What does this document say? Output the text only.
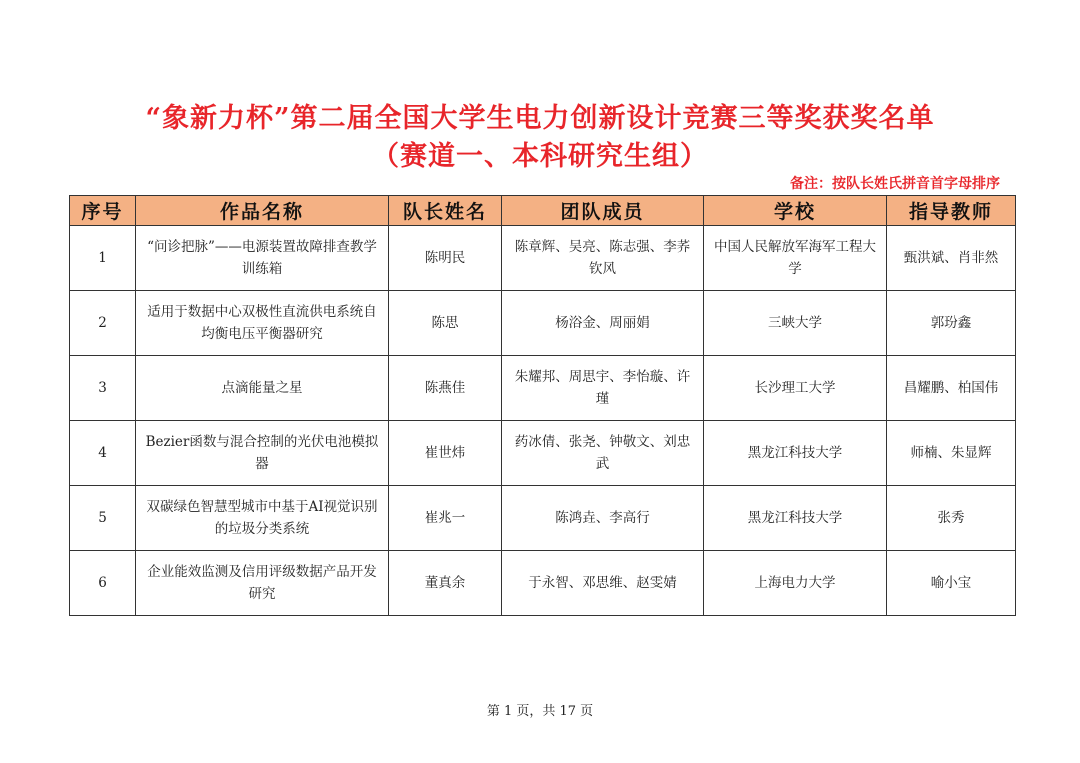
“象新力杯”第二届全国大学生电力创新设计竞赛三等奖获奖名单
（赛道一、本科研究生组）
备注：按队长姓氏拼音首字母排序
序号	作品名称	队长姓名	团队成员	学校	指导教师
1	“问诊把脉”——电源装置故障排查教学训练箱	陈明民	陈章辉、吴亮、陈志强、李荞钦风	中国人民解放军海军工程大学	甄洪斌、肖非然
2	适用于数据中心双极性直流供电系统自均衡电压平衡器研究	陈思	杨浴金、周丽娟	三峡大学	郭玢鑫
3	点滴能量之星	陈燕佳	朱耀邦、周思宇、李怡璇、许瑾	长沙理工大学	昌耀鹏、柏国伟
4	Bezier函数与混合控制的光伏电池模拟器	崔世炜	药冰倩、张尧、钟敬文、刘忠武	黑龙江科技大学	师楠、朱显辉
5	双碳绿色智慧型城市中基于AI视觉识别的垃圾分类系统	崔兆一	陈鸿垚、李高行	黑龙江科技大学	张秀
6	企业能效监测及信用评级数据产品开发研究	董真余	于永智、邓思维、赵雯婧	上海电力大学	喻小宝
第 1 页，共 17 页
